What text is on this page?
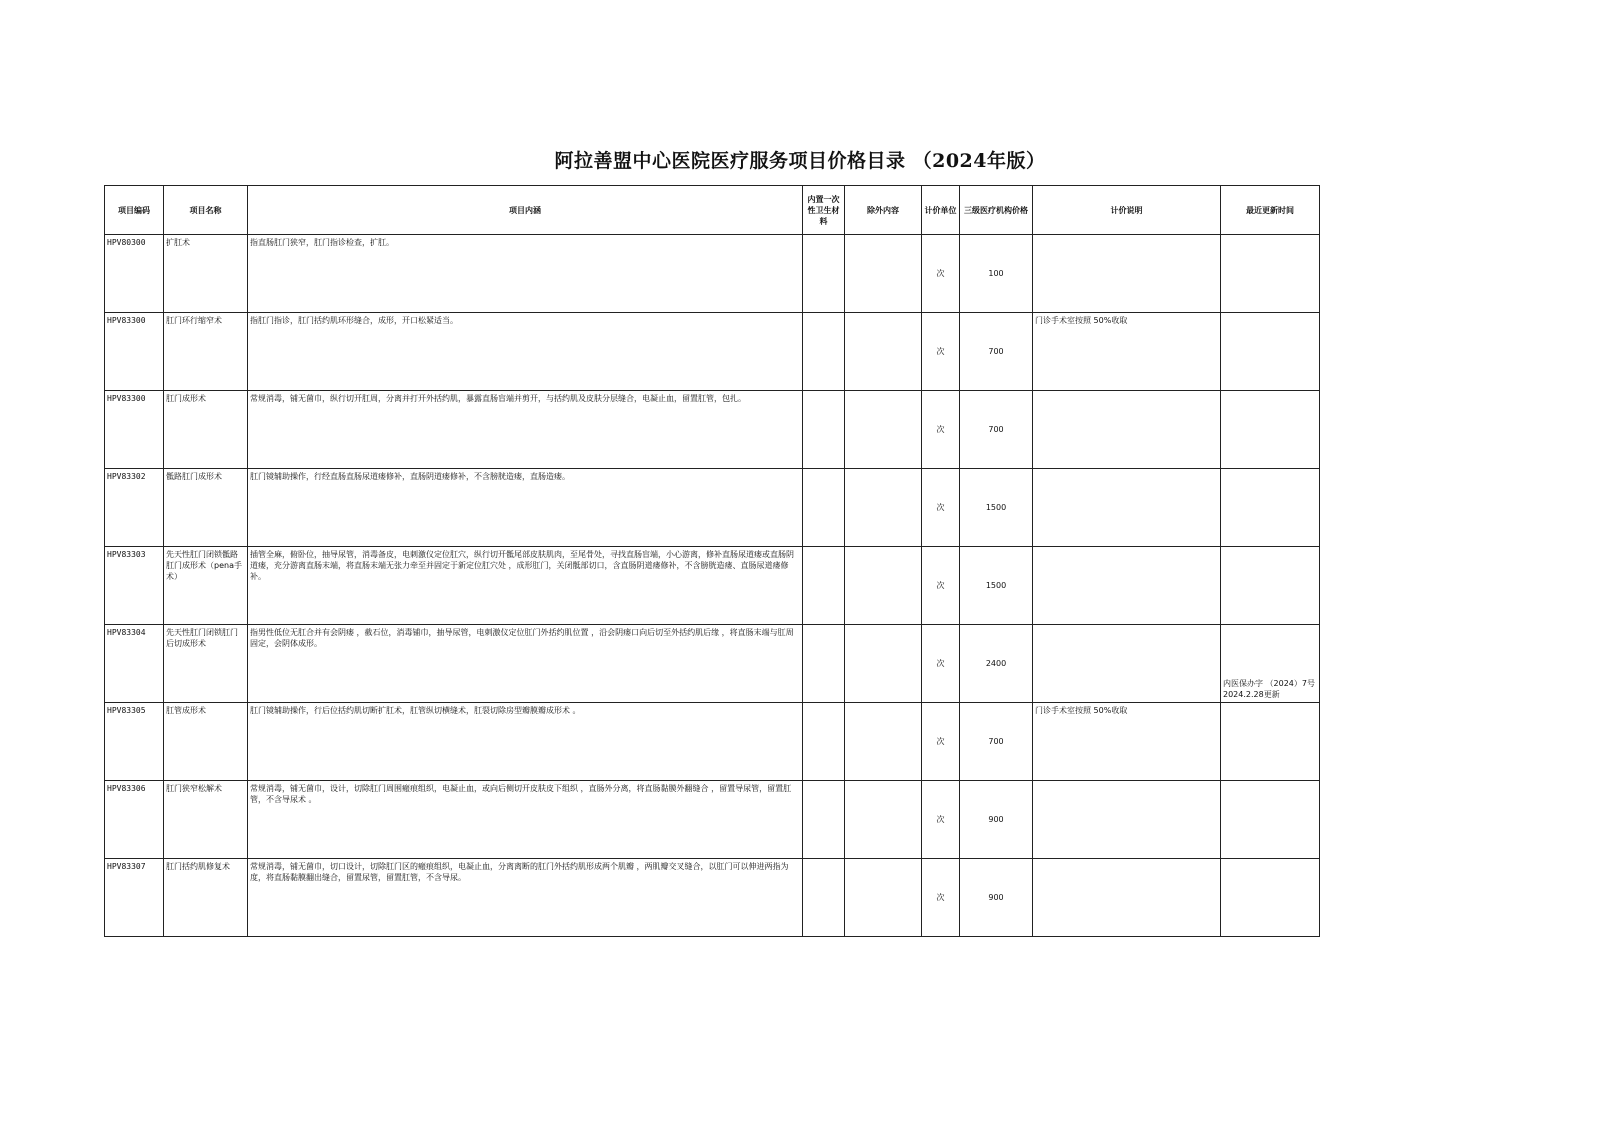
阿拉善盟中心医院医疗服务项目价格目录 （2024年版）
项目编码	项目名称	项目内涵	内置一次性卫生材料	除外内容	计价单位	三级医疗机构价格	计价说明	最近更新时间
HPV80300	扩肛术	指直肠肛门狭窄，肛门指诊检查，扩肛。			次	100		
HPV83300	肛门环行缩窄术	指肛门指诊，肛门括约肌环形缝合，成形，开口松紧适当。			次	700	门诊手术室按照 50%收取	
HPV83300	肛门成形术	常规消毒，铺无菌巾，纵行切开肛周，分离并打开外括约肌，暴露直肠盲端并剪开，与括约肌及皮肤分层缝合，电凝止血，留置肛管，包扎。			次	700		
HPV83302	骶路肛门成形术	肛门镜辅助操作，行经直肠直肠尿道瘘修补，直肠阴道瘘修补，不含膀胱造瘘，直肠造瘘。			次	1500		
HPV83303	先天性肛门闭锁骶路肛门成形术（pena手术）	插管全麻，俯卧位，抽导尿管，消毒备皮，电刺激仪定位肛穴，纵行切开骶尾部皮肤肌肉，至尾骨处，寻找直肠盲端，小心游离，修补直肠尿道瘘或直肠阴道瘘，充分游离直肠末端，将直肠末端无张力牵至并固定于新定位肛穴处 ，成形肛门，关闭骶部切口，含直肠阴道瘘修补，不含膀胱造瘘、直肠尿道瘘修补。			次	1500		
HPV83304	先天性肛门闭锁肛门后切成形术	指男性低位无肛合并有会阴瘘 ，截石位，消毒铺巾，抽导尿管，电刺激仪定位肛门外括约肌位置 ，沿会阴瘘口向后切至外括约肌后缘 ，将直肠末端与肛周固定，会阴体成形。			次	2400		内医保办字 （2024）7号 2024.2.28更新
HPV83305	肛管成形术	肛门镜辅助操作，行后位括约肌切断扩肛术，肛管纵切横缝术，肛裂切除房型瓣膜瓣成形术 。			次	700	门诊手术室按照 50%收取	
HPV83306	肛门狭窄松解术	常规消毒，铺无菌巾，设计，切除肛门周围瘢痕组织，电凝止血，或向后侧切开皮肤皮下组织 ，直肠外分离，将直肠黏膜外翻缝合 ，留置导尿管，留置肛管，不含导尿术 。			次	900		
HPV83307	肛门括约肌修复术	常规消毒，铺无菌巾，切口设计，切除肛门区的瘢痕组织，电凝止血，分离离断的肛门外括约肌形成两个肌瓣 ，两肌瓣交叉缝合，以肛门可以伸进两指为度，将直肠黏膜翻出缝合，留置尿管，留置肛管，不含导尿。			次	900		
